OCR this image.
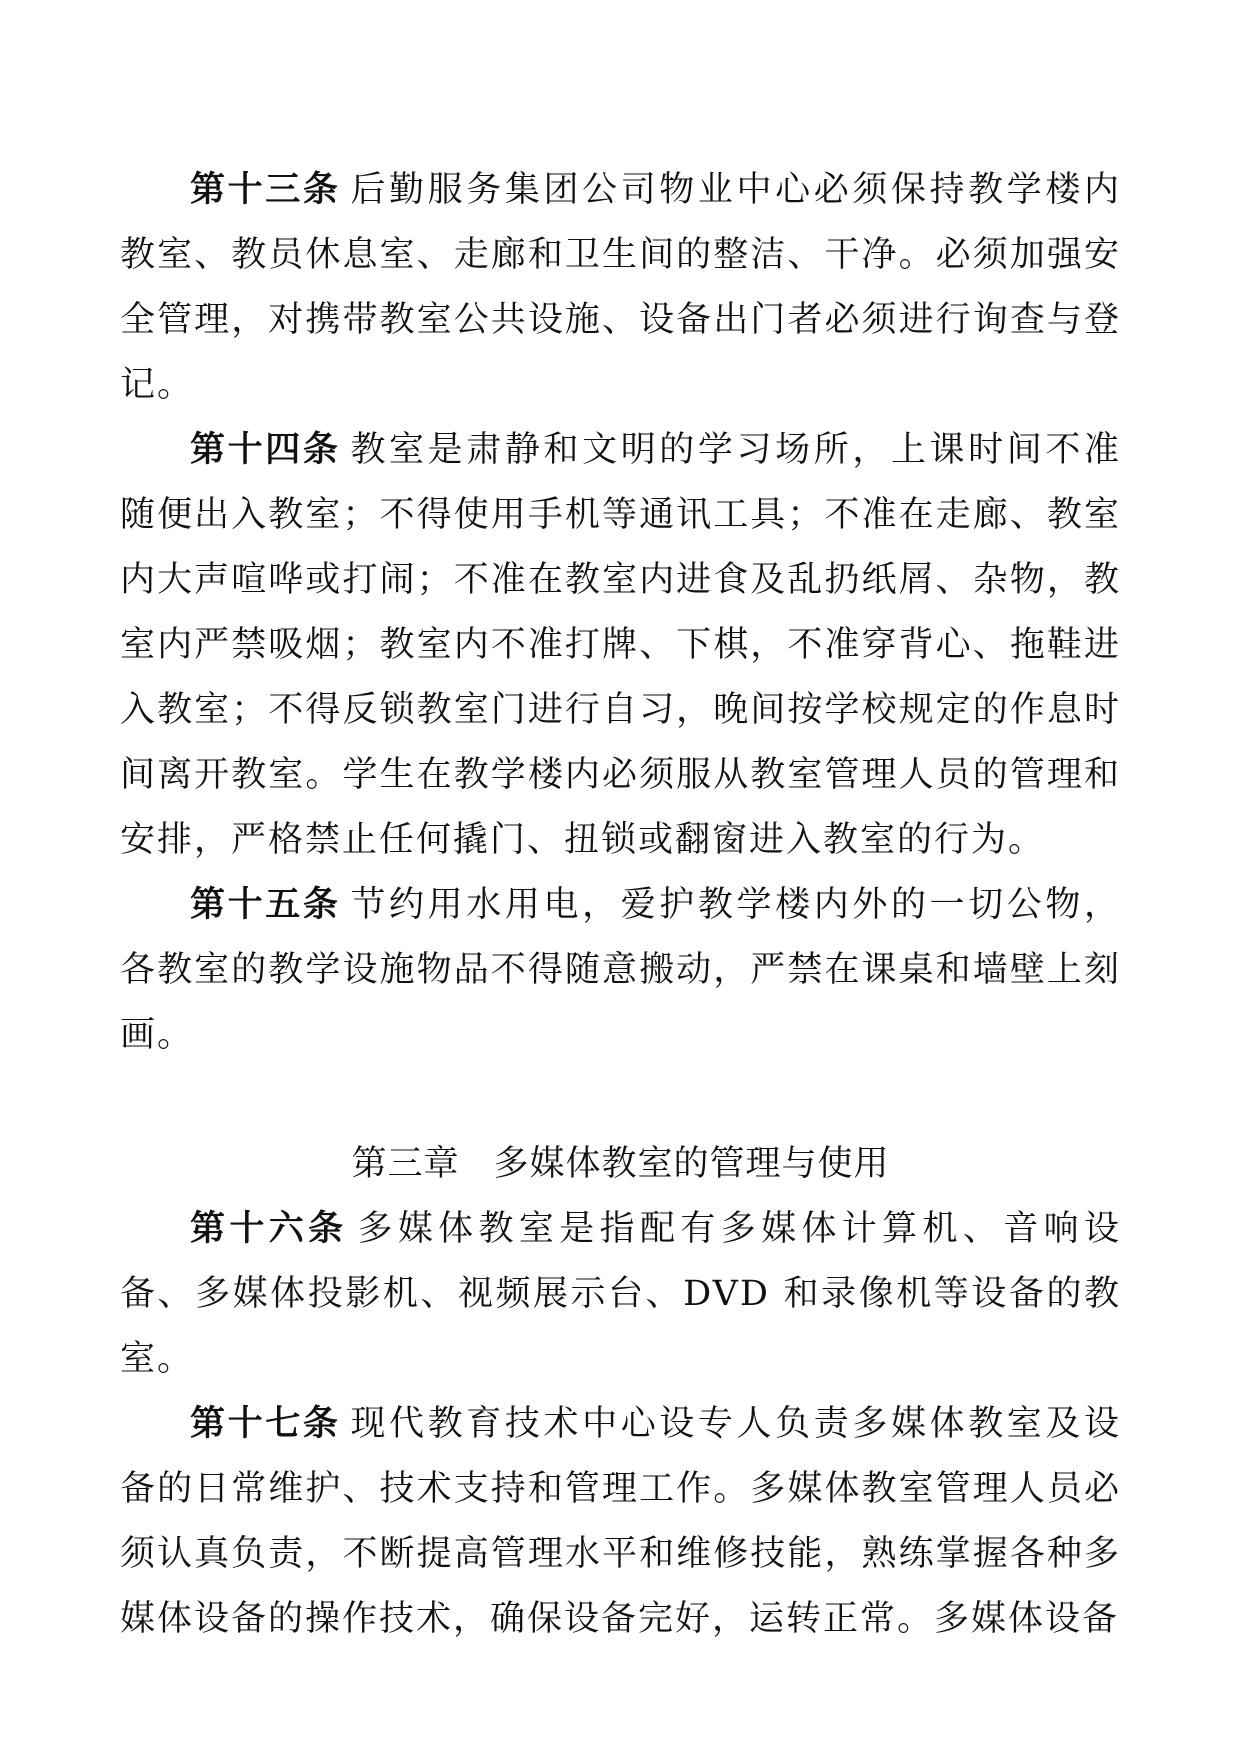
第十三条 后勤服务集团公司物业中心必须保持教学楼内教室、教员休息室、走廊和卫生间的整洁、干净。必须加强安全管理，对携带教室公共设施、设备出门者必须进行询查与登记。

第十四条 教室是肃静和文明的学习场所，上课时间不准随便出入教室；不得使用手机等通讯工具；不准在走廊、教室内大声喧哗或打闹；不准在教室内进食及乱扔纸屑、杂物，教室内严禁吸烟；教室内不准打牌、下棋，不准穿背心、拖鞋进入教室；不得反锁教室门进行自习，晚间按学校规定的作息时间离开教室。学生在教学楼内必须服从教室管理人员的管理和安排，严格禁止任何撬门、扭锁或翻窗进入教室的行为。

第十五条 节约用水用电，爱护教学楼内外的一切公物，各教室的教学设施物品不得随意搬动，严禁在课桌和墙壁上刻画。

第三章 多媒体教室的管理与使用

第十六条 多媒体教室是指配有多媒体计算机、音响设备、多媒体投影机、视频展示台、DVD 和录像机等设备的教室。

第十七条 现代教育技术中心设专人负责多媒体教室及设备的日常维护、技术支持和管理工作。多媒体教室管理人员必须认真负责，不断提高管理水平和维修技能，熟练掌握各种多媒体设备的操作技术，确保设备完好，运转正常。多媒体设备
